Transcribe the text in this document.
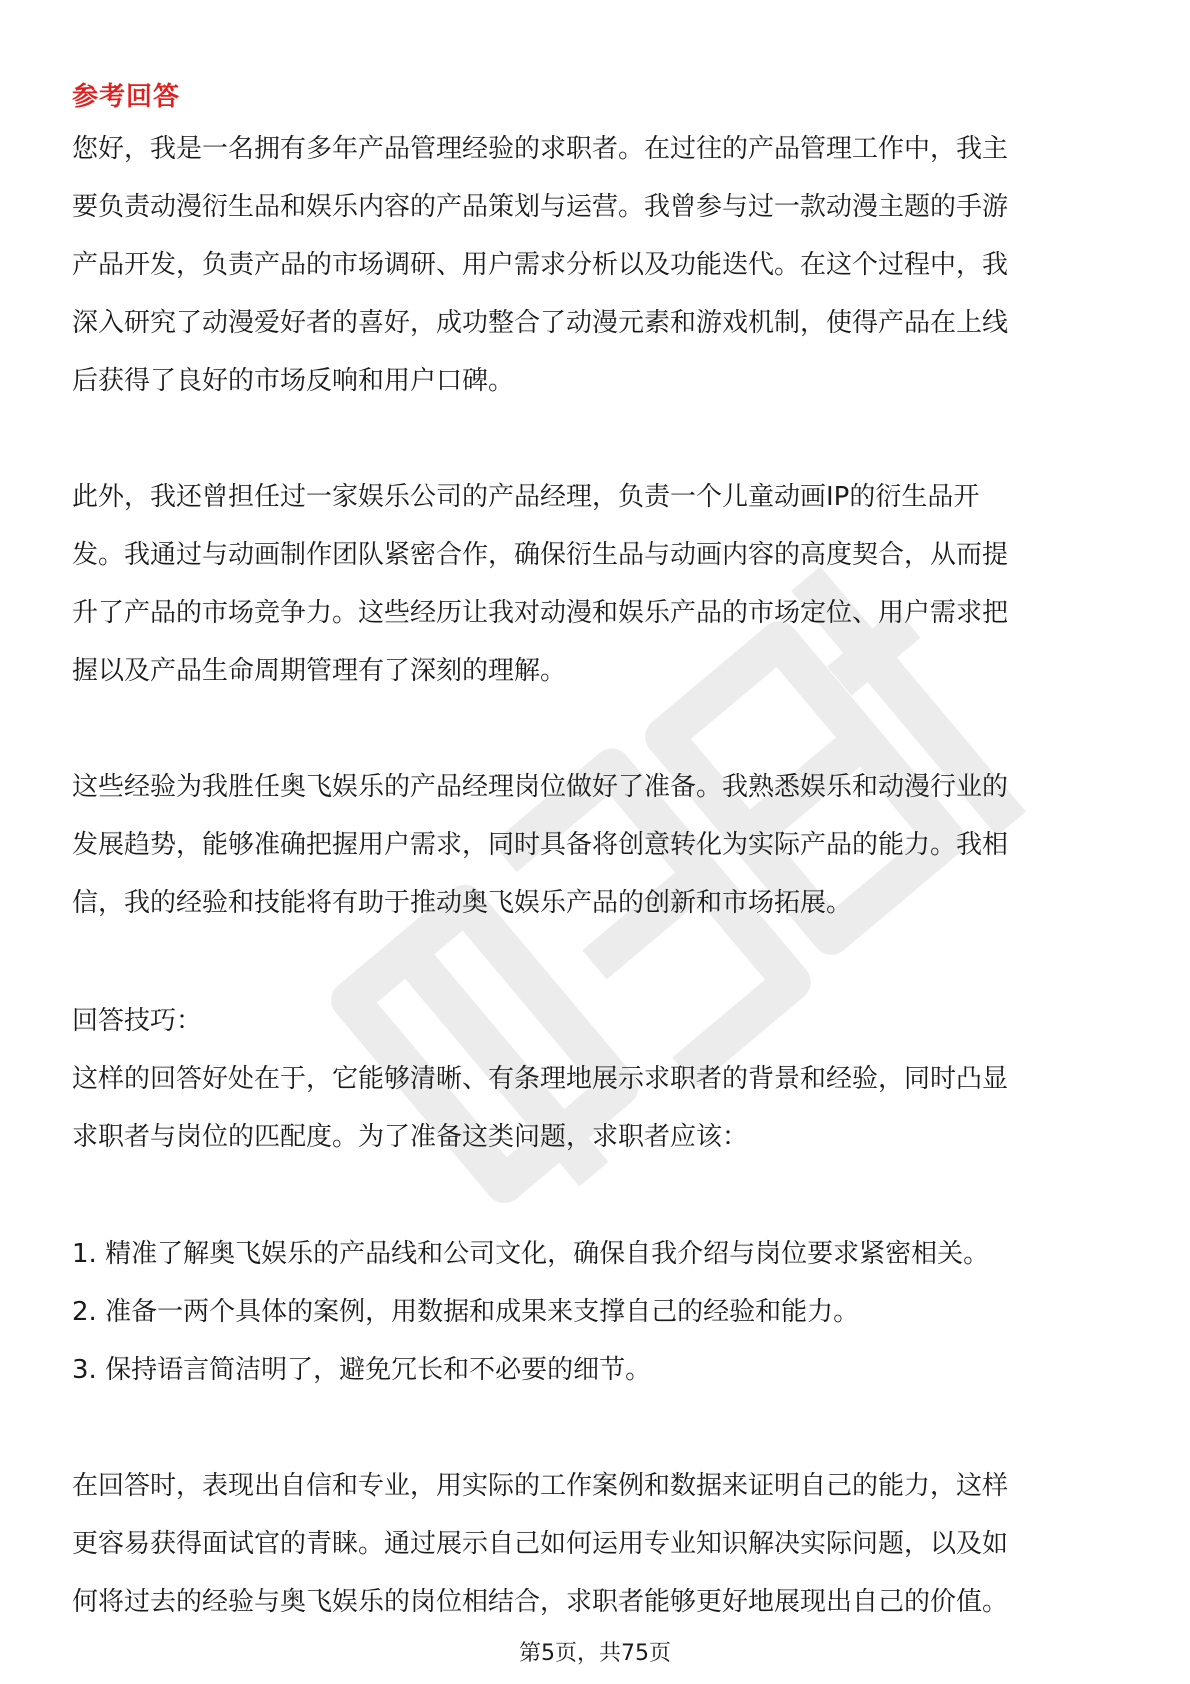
参考回答

您好，我是一名拥有多年产品管理经验的求职者。在过往的产品管理工作中，我主
要负责动漫衍生品和娱乐内容的产品策划与运营。我曾参与过一款动漫主题的手游
产品开发，负责产品的市场调研、用户需求分析以及功能迭代。在这个过程中，我
深入研究了动漫爱好者的喜好，成功整合了动漫元素和游戏机制，使得产品在上线
后获得了良好的市场反响和用户口碑。

此外，我还曾担任过一家娱乐公司的产品经理，负责一个儿童动画IP的衍生品开
发。我通过与动画制作团队紧密合作，确保衍生品与动画内容的高度契合，从而提
升了产品的市场竞争力。这些经历让我对动漫和娱乐产品的市场定位、用户需求把
握以及产品生命周期管理有了深刻的理解。

这些经验为我胜任奥飞娱乐的产品经理岗位做好了准备。我熟悉娱乐和动漫行业的
发展趋势，能够准确把握用户需求，同时具备将创意转化为实际产品的能力。我相
信，我的经验和技能将有助于推动奥飞娱乐产品的创新和市场拓展。

回答技巧：

这样的回答好处在于，它能够清晰、有条理地展示求职者的背景和经验，同时凸显
求职者与岗位的匹配度。为了准备这类问题，求职者应该：

1. 精准了解奥飞娱乐的产品线和公司文化，确保自我介绍与岗位要求紧密相关。
2. 准备一两个具体的案例，用数据和成果来支撑自己的经验和能力。
3. 保持语言简洁明了，避免冗长和不必要的细节。

在回答时，表现出自信和专业，用实际的工作案例和数据来证明自己的能力，这样
更容易获得面试官的青睐。通过展示自己如何运用专业知识解决实际问题，以及如
何将过去的经验与奥飞娱乐的岗位相结合，求职者能够更好地展现出自己的价值。

第5页，共75页
